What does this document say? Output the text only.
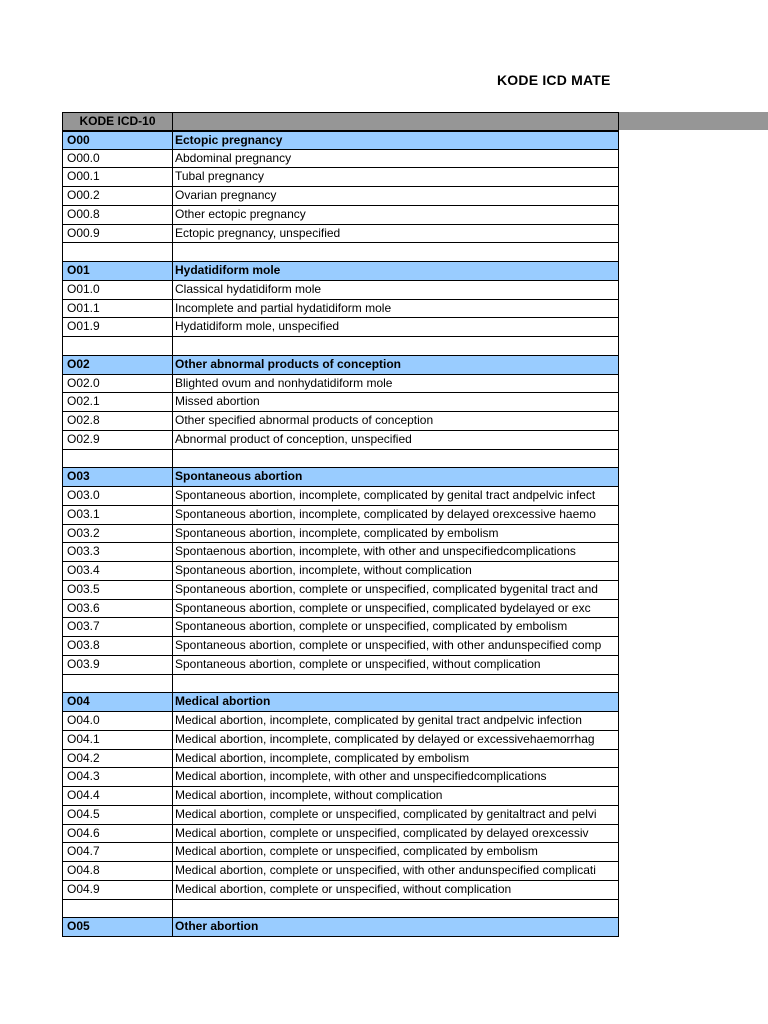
KODE ICD MATE
KODE ICD-10
O00	Ectopic pregnancy
O00.0	Abdominal pregnancy
O00.1	Tubal pregnancy
O00.2	Ovarian pregnancy
O00.8	Other ectopic pregnancy
O00.9	Ectopic pregnancy, unspecified
O01	Hydatidiform mole
O01.0	Classical hydatidiform mole
O01.1	Incomplete and partial hydatidiform mole
O01.9	Hydatidiform mole, unspecified
O02	Other abnormal products of conception
O02.0	Blighted ovum and nonhydatidiform mole
O02.1	Missed abortion
O02.8	Other specified abnormal products of conception
O02.9	Abnormal product of conception, unspecified
O03	Spontaneous abortion
O03.0	Spontaneous abortion, incomplete, complicated by genital tract andpelvic infect
O03.1	Spontaneous abortion, incomplete, complicated by delayed orexcessive haemo
O03.2	Spontaneous abortion, incomplete, complicated by embolism
O03.3	Spontaenous abortion, incomplete, with other and unspecifiedcomplications
O03.4	Spontaneous abortion, incomplete, without complication
O03.5	Spontaneous abortion, complete or unspecified, complicated bygenital tract and
O03.6	Spontaneous abortion, complete or unspecified, complicated bydelayed or exc
O03.7	Spontaneous abortion, complete or unspecified, complicated by embolism
O03.8	Spontaneous abortion, complete or unspecified, with other andunspecified comp
O03.9	Spontaneous abortion, complete or unspecified, without complication
O04	Medical abortion
O04.0	Medical abortion, incomplete, complicated by genital tract andpelvic infection
O04.1	Medical abortion, incomplete, complicated by delayed or excessivehaemorrhag
O04.2	Medical abortion, incomplete, complicated by embolism
O04.3	Medical abortion, incomplete, with other and unspecifiedcomplications
O04.4	Medical abortion, incomplete, without complication
O04.5	Medical abortion, complete or unspecified, complicated by genitaltract and pelvi
O04.6	Medical abortion, complete or unspecified, complicated by delayed orexcessiv
O04.7	Medical abortion, complete or unspecified, complicated by embolism
O04.8	Medical abortion, complete or unspecified, with other andunspecified complicati
O04.9	Medical abortion, complete or unspecified, without complication
O05	Other abortion
